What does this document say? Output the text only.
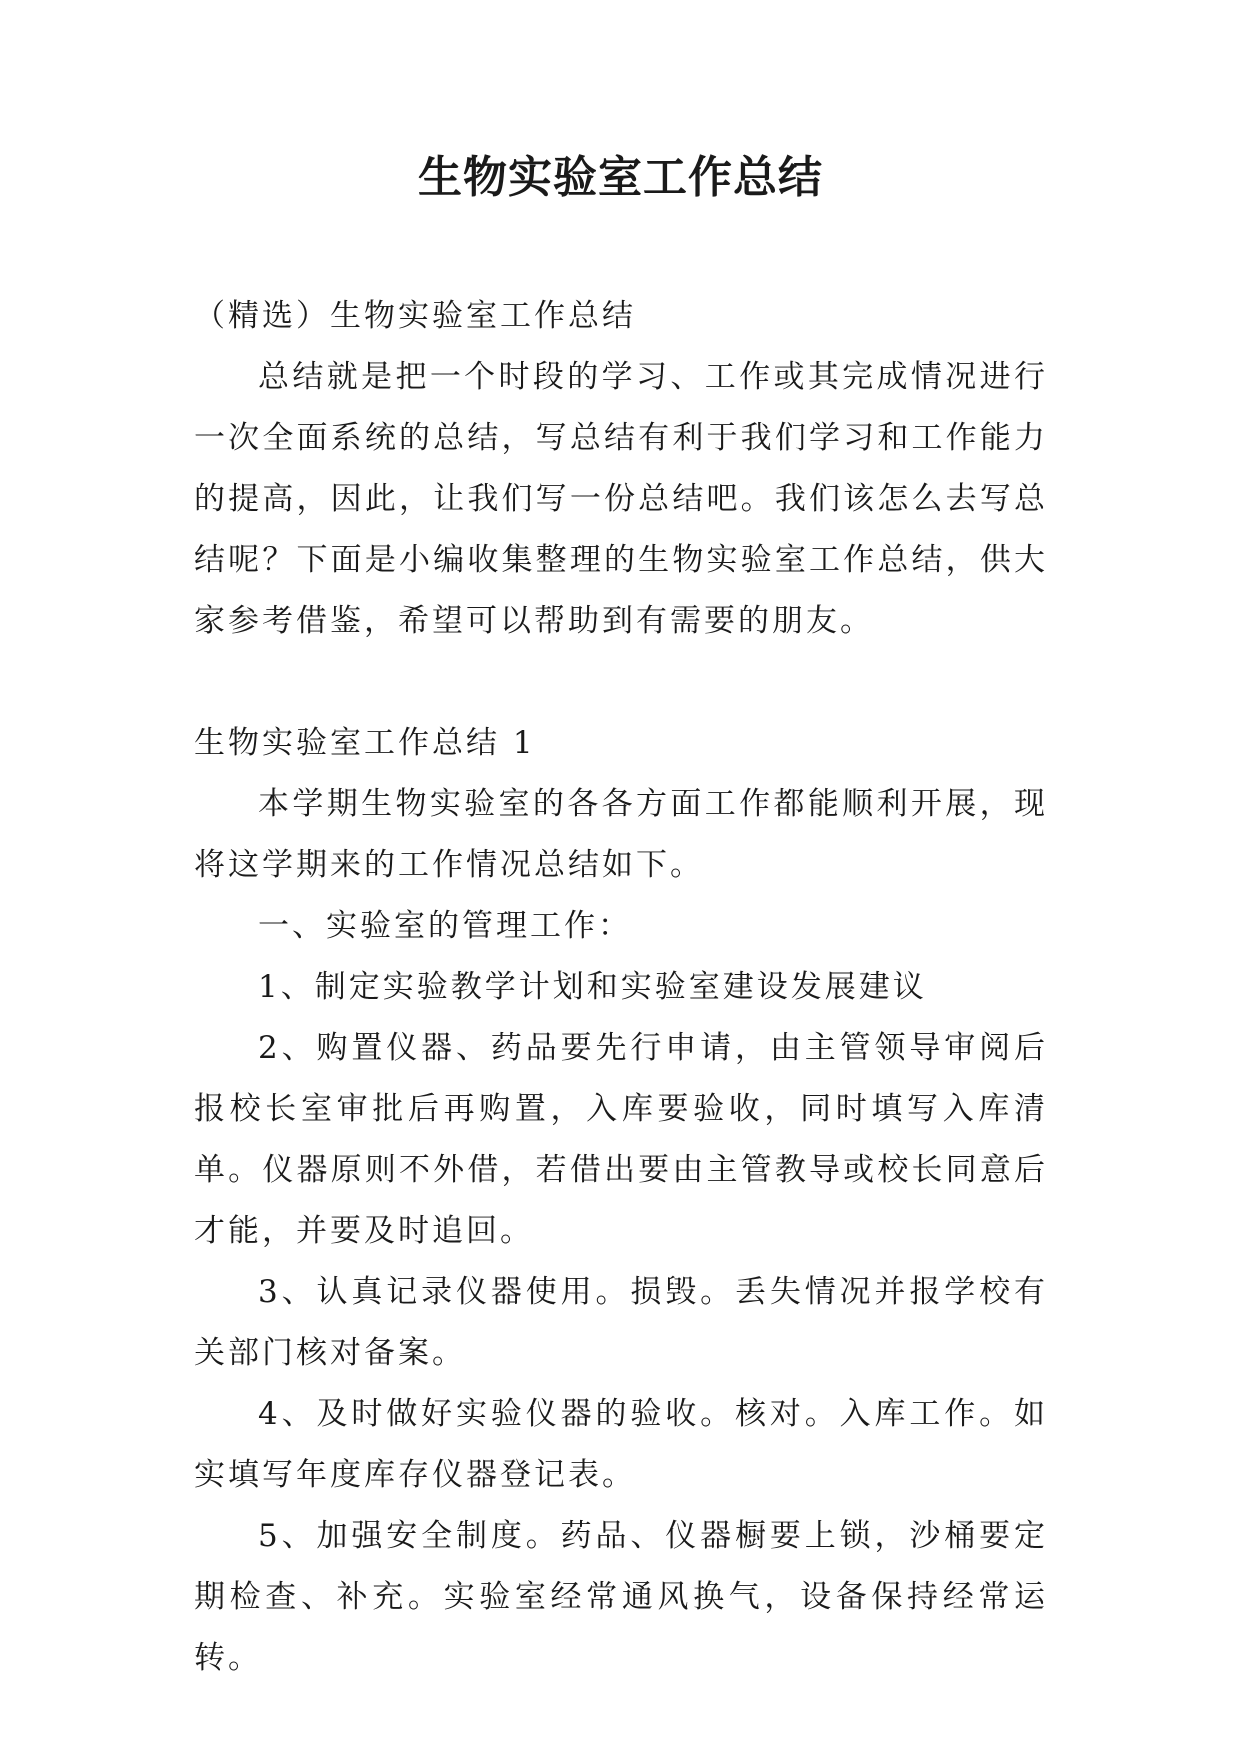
生物实验室工作总结

（精选）生物实验室工作总结

总结就是把一个时段的学习、工作或其完成情况进行一次全面系统的总结，写总结有利于我们学习和工作能力的提高，因此，让我们写一份总结吧。我们该怎么去写总结呢？下面是小编收集整理的生物实验室工作总结，供大家参考借鉴，希望可以帮助到有需要的朋友。

生物实验室工作总结 1

本学期生物实验室的各各方面工作都能顺利开展，现将这学期来的工作情况总结如下。

一、实验室的管理工作：

1、制定实验教学计划和实验室建设发展建议

2、购置仪器、药品要先行申请，由主管领导审阅后报校长室审批后再购置，入库要验收，同时填写入库清单。仪器原则不外借，若借出要由主管教导或校长同意后才能，并要及时追回。

3、认真记录仪器使用。损毁。丢失情况并报学校有关部门核对备案。

4、及时做好实验仪器的验收。核对。入库工作。如实填写年度库存仪器登记表。

5、加强安全制度。药品、仪器橱要上锁，沙桶要定期检查、补充。实验室经常通风换气，设备保持经常运转。
